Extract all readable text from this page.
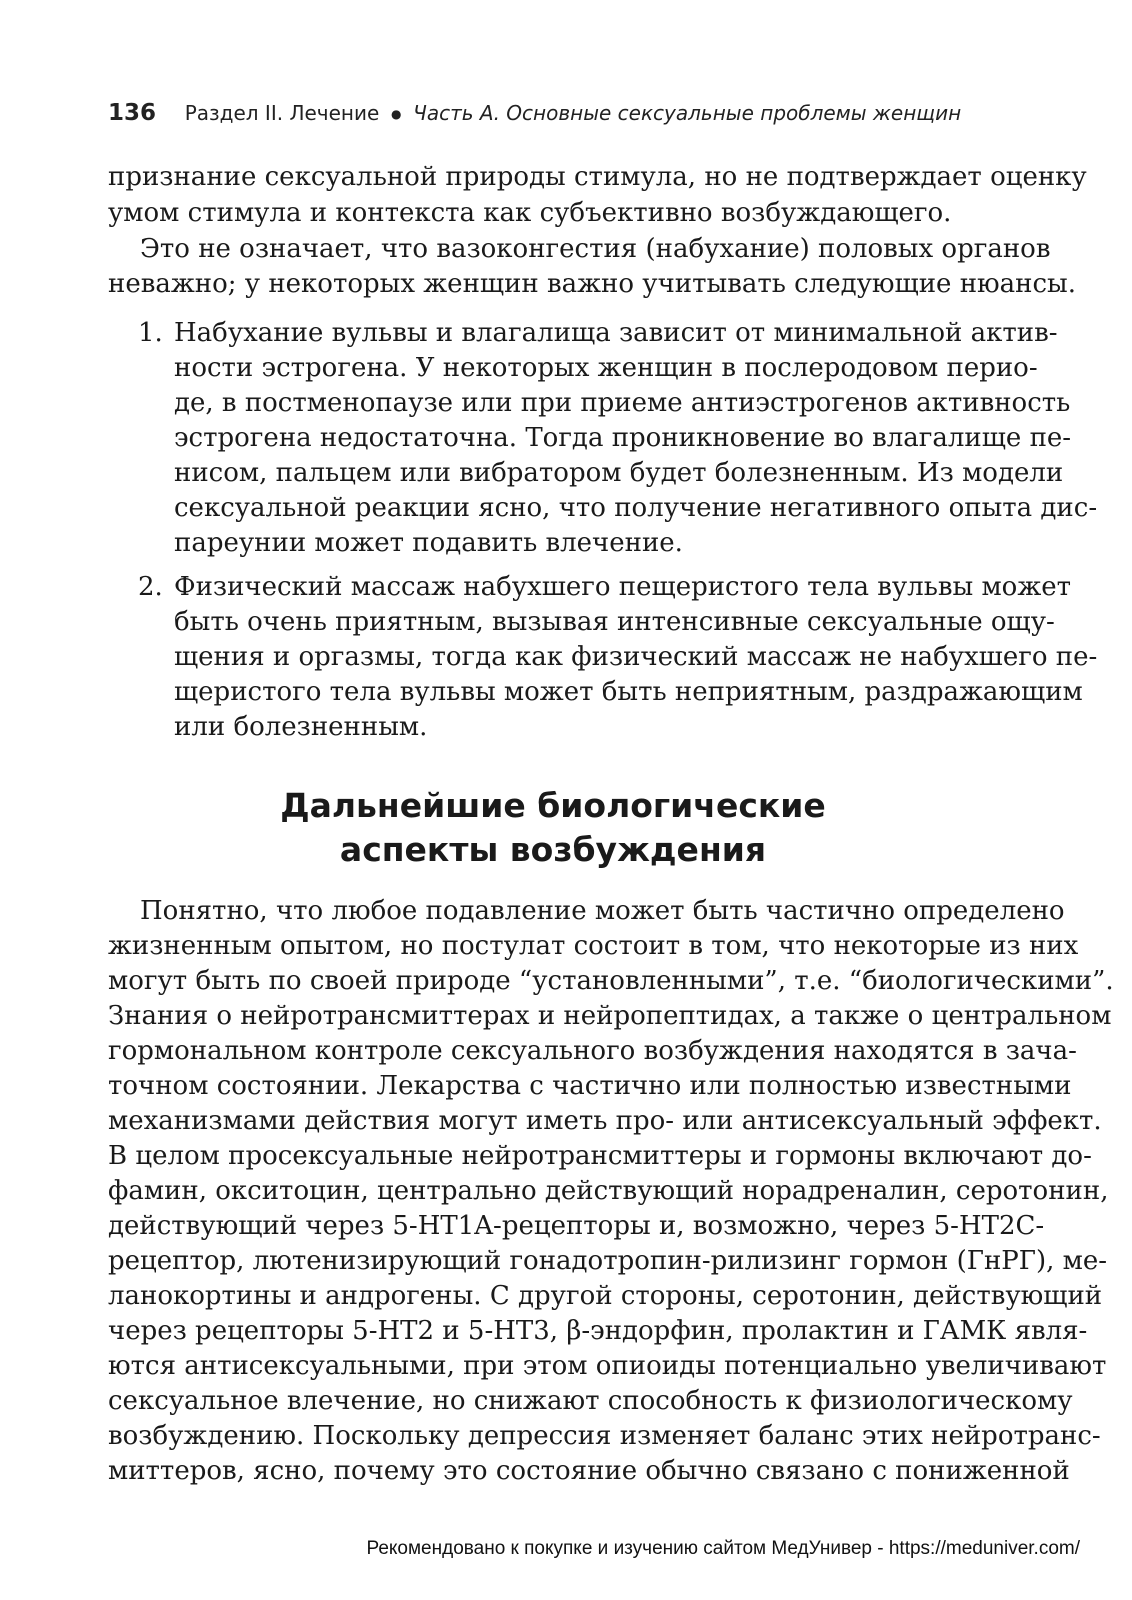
136 Раздел II. Лечение ● Часть А. Основные сексуальные проблемы женщин
признание сексуальной природы стимула, но не подтверждает оценку
умом стимула и контекста как субъективно возбуждающего.
Это не означает, что вазоконгестия (набухание) половых органов
неважно; у некоторых женщин важно учитывать следующие нюансы.
1. Набухание вульвы и влагалища зависит от минимальной актив-
ности эстрогена. У некоторых женщин в послеродовом перио-
де, в постменопаузе или при приеме антиэстрогенов активность
эстрогена недостаточна. Тогда проникновение во влагалище пе-
нисом, пальцем или вибратором будет болезненным. Из модели
сексуальной реакции ясно, что получение негативного опыта дис-
пареунии может подавить влечение.
2. Физический массаж набухшего пещеристого тела вульвы может
быть очень приятным, вызывая интенсивные сексуальные ощу-
щения и оргазмы, тогда как физический массаж не набухшего пе-
щеристого тела вульвы может быть неприятным, раздражающим
или болезненным.
Дальнейшие биологические
аспекты возбуждения
Понятно, что любое подавление может быть частично определено
жизненным опытом, но постулат состоит в том, что некоторые из них
могут быть по своей природе “установленными”, т.е. “биологическими”.
Знания о нейротрансмиттерах и нейропептидах, а также о центральном
гормональном контроле сексуального возбуждения находятся в зача-
точном состоянии. Лекарства с частично или полностью известными
механизмами действия могут иметь про- или антисексуальный эффект.
В целом просексуальные нейротрансмиттеры и гормоны включают до-
фамин, окситоцин, центрально действующий норадреналин, серотонин,
действующий через 5-HT1A-рецепторы и, возможно, через 5-HT2C-
рецептор, лютенизирующий гонадотропин-рилизинг гормон (ГнРГ), ме-
ланокортины и андрогены. С другой стороны, серотонин, действующий
через рецепторы 5-HT2 и 5-HT3, β-эндорфин, пролактин и ГАМК явля-
ются антисексуальными, при этом опиоиды потенциально увеличивают
сексуальное влечение, но снижают способность к физиологическому
возбуждению. Поскольку депрессия изменяет баланс этих нейротранс-
миттеров, ясно, почему это состояние обычно связано с пониженной
Рекомендовано к покупке и изучению сайтом МедУнивер - https://meduniver.com/
